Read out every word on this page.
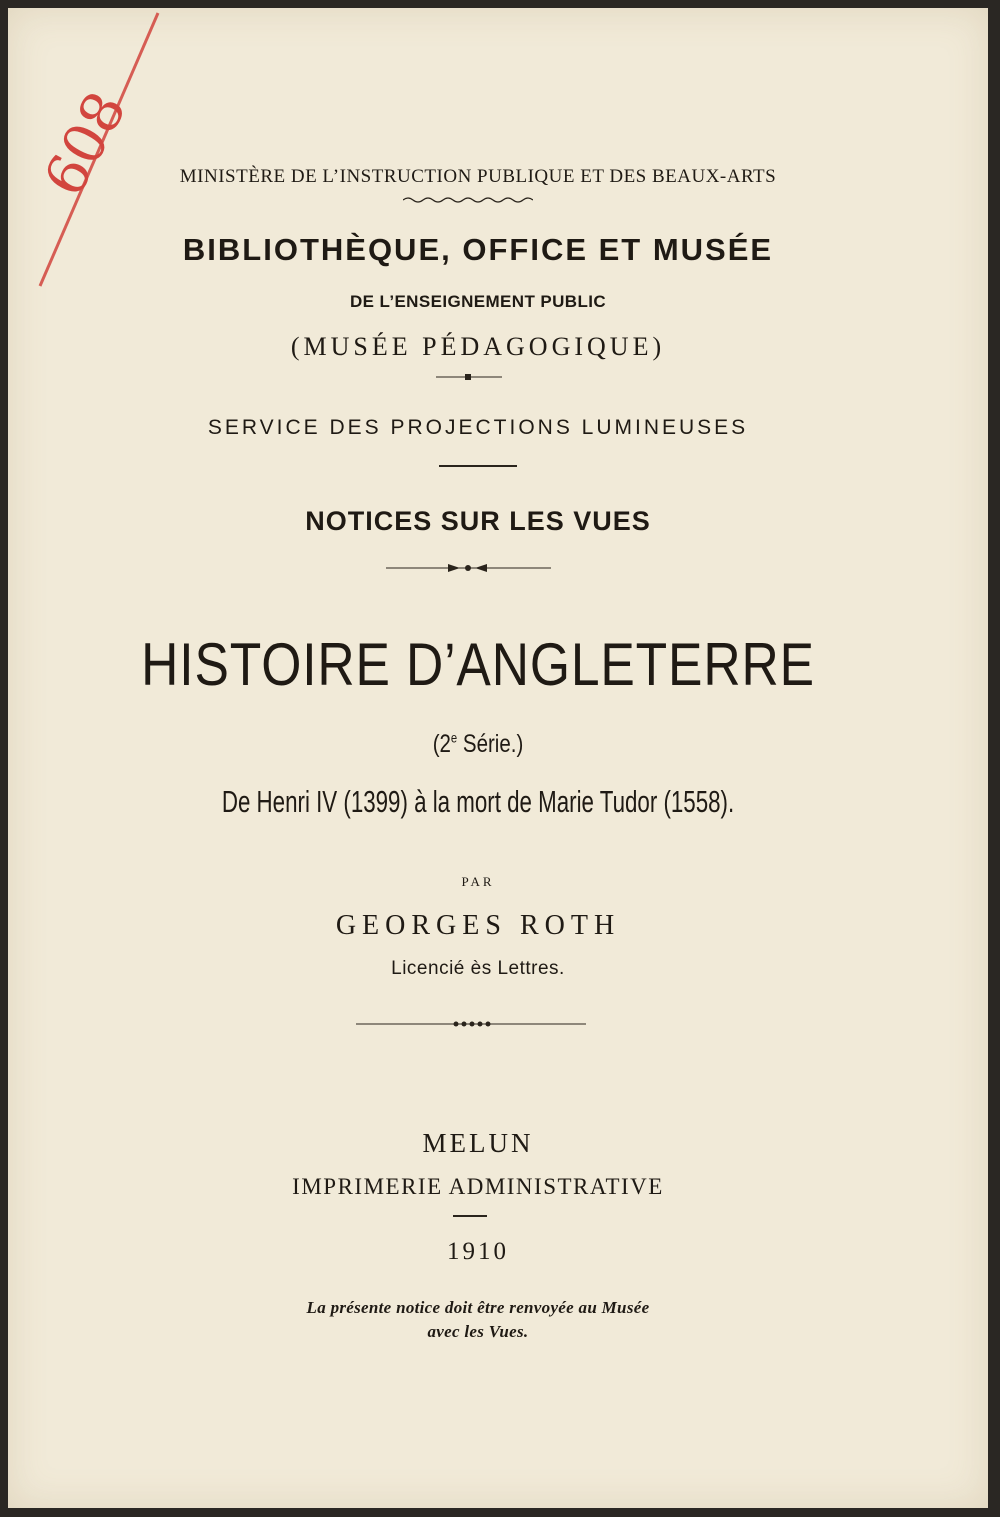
608	MINISTÈRE DE L’INSTRUCTION PUBLIQUE ET DES BEAUX-ARTS
BIBLIOTHÈQUE, OFFICE ET MUSÉE
DE L’ENSEIGNEMENT PUBLIC
(MUSÉE PÉDAGOGIQUE)
SERVICE DES PROJECTIONS LUMINEUSES
NOTICES SUR LES VUES
HISTOIRE D’ANGLETERRE
(2e Série.)
De Henri IV (1399) à la mort de Marie Tudor (1558).
PAR
GEORGES ROTH
Licencié ès Lettres.
MELUN
IMPRIMERIE ADMINISTRATIVE
1910
La présente notice doit être renvoyée au Musée
avec les Vues.
